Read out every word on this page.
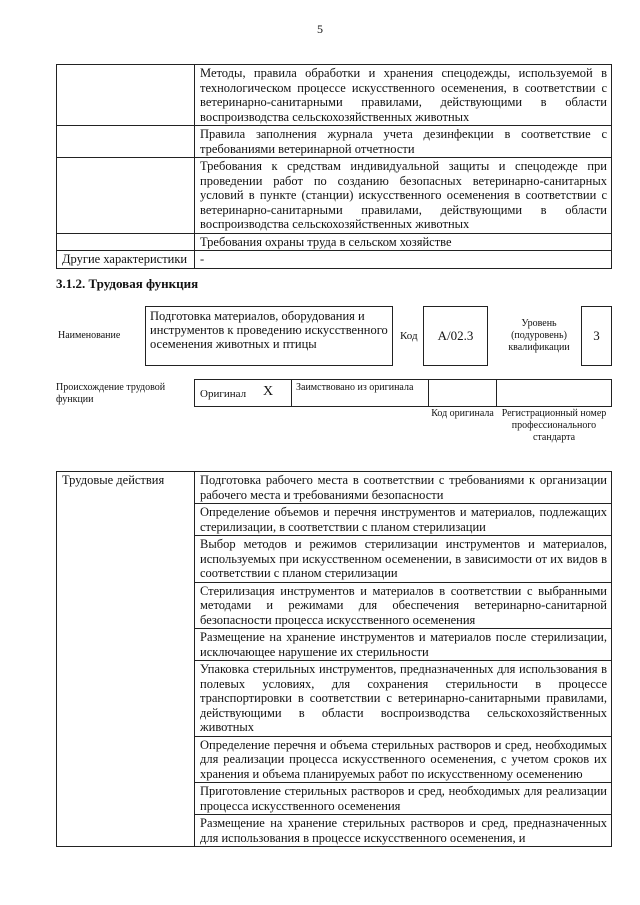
5
	Методы, правила обработки и хранения спецодежды, используемой в технологическом процессе искусственного осеменения, в соответствии с ветеринарно-санитарными правилами, действующими в области воспроизводства сельскохозяйственных животных
	Правила заполнения журнала учета дезинфекции в соответствие с требованиями ветеринарной отчетности
	Требования к средствам индивидуальной защиты и спецодежде при проведении работ по созданию безопасных ветеринарно-санитарных условий в пункте (станции) искусственного осеменения в соответствии с ветеринарно-санитарными правилами, действующими в области воспроизводства сельскохозяйственных животных
	Требования охраны труда в сельском хозяйстве
Другие характеристики	-
3.1.2. Трудовая функция
Наименование
Подготовка материалов, оборудования и инструментов к проведению искусственного осеменения животных и птицы
Код	A/02.3
Уровень (подуровень) квалификации
3
Происхождение трудовой функции	Оригинал X Заимствовано из оригинала
Код оригинала Регистрационный номер профессионального стандарта
Трудовые действия	Подготовка рабочего места в соответствии с требованиями к организации рабочего места и требованиями безопасности
Определение объемов и перечня инструментов и материалов, подлежащих стерилизации, в соответствии с планом стерилизации
Выбор методов и режимов стерилизации инструментов и материалов, используемых при искусственном осеменении, в зависимости от их видов в соответствии с планом стерилизации
Стерилизация инструментов и материалов в соответствии с выбранными методами и режимами для обеспечения ветеринарно-санитарной безопасности процесса искусственного осеменения
Размещение на хранение инструментов и материалов после стерилизации, исключающее нарушение их стерильности
Упаковка стерильных инструментов, предназначенных для использования в полевых условиях, для сохранения стерильности в процессе транспортировки в соответствии с ветеринарно-санитарными правилами, действующими в области воспроизводства сельскохозяйственных животных
Определение перечня и объема стерильных растворов и сред, необходимых для реализации процесса искусственного осеменения, с учетом сроков их хранения и объема планируемых работ по искусственному осеменению
Приготовление стерильных растворов и сред, необходимых для реализации процесса искусственного осеменения
Размещение на хранение стерильных растворов и сред, предназначенных для использования в процессе искусственного осеменения, и
